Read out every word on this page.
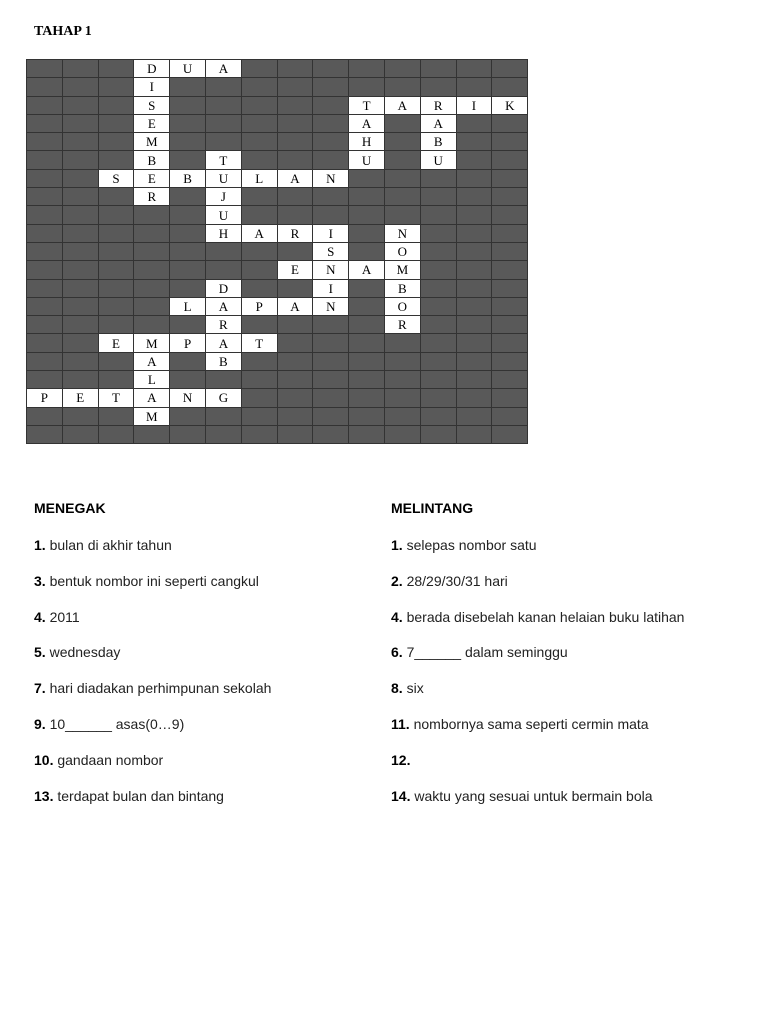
TAHAP 1
D	U	A
I
S	T	A	R	I	K
E	A	A
M	H	B
B	T	U	U
S	E	B	U	L	A	N
R	J
U
H	A	R	I	N
S	O
E	N	A	M
D	I	B
L	A	P	A	N	O
R	R
E	M	P	A	T
A	B
L
P	E	T	A	N	G
M
MENEGAK
1. bulan di akhir tahun
3. bentuk nombor ini seperti cangkul
4. 2011
5. wednesday
7. hari diadakan perhimpunan sekolah
9. 10______ asas(0…9)
10. gandaan nombor
13. terdapat bulan dan bintang
MELINTANG
1. selepas nombor satu
2. 28/29/30/31 hari
4. berada disebelah kanan helaian buku latihan
6. 7______ dalam seminggu
8. six
11. nombornya sama seperti cermin mata
12.
14. waktu yang sesuai untuk bermain bola
